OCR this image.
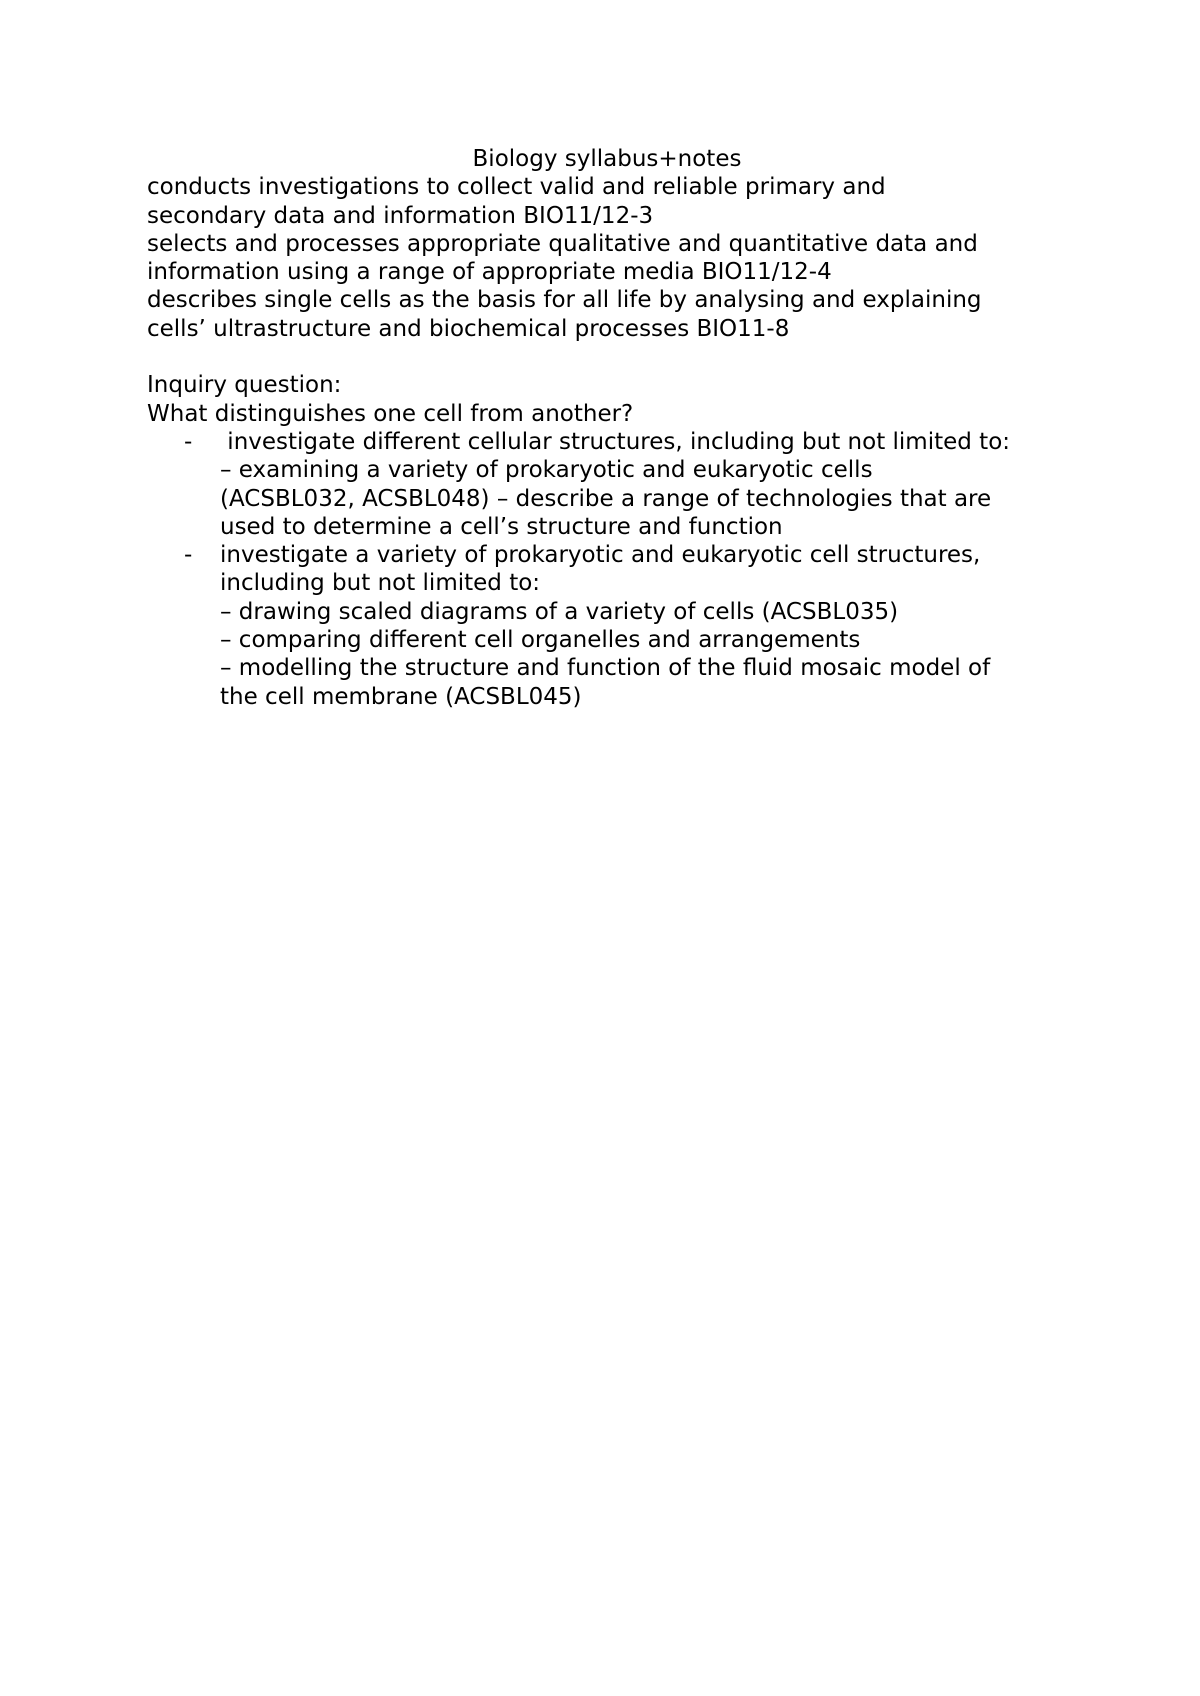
Biology syllabus+notes

conducts investigations to collect valid and reliable primary and

secondary data and information BIO11/12-3

selects and processes appropriate qualitative and quantitative data and

information using a range of appropriate media BIO11/12-4

describes single cells as the basis for all life by analysing and explaining

cells’ ultrastructure and biochemical processes BIO11-8

Inquiry question:

What distinguishes one cell from another?

- investigate different cellular structures, including but not limited to:

– examining a variety of prokaryotic and eukaryotic cells

(ACSBL032, ACSBL048) – describe a range of technologies that are

used to determine a cell’s structure and function

- investigate a variety of prokaryotic and eukaryotic cell structures,

including but not limited to:

– drawing scaled diagrams of a variety of cells (ACSBL035)

– comparing different cell organelles and arrangements

– modelling the structure and function of the fluid mosaic model of

the cell membrane (ACSBL045)
